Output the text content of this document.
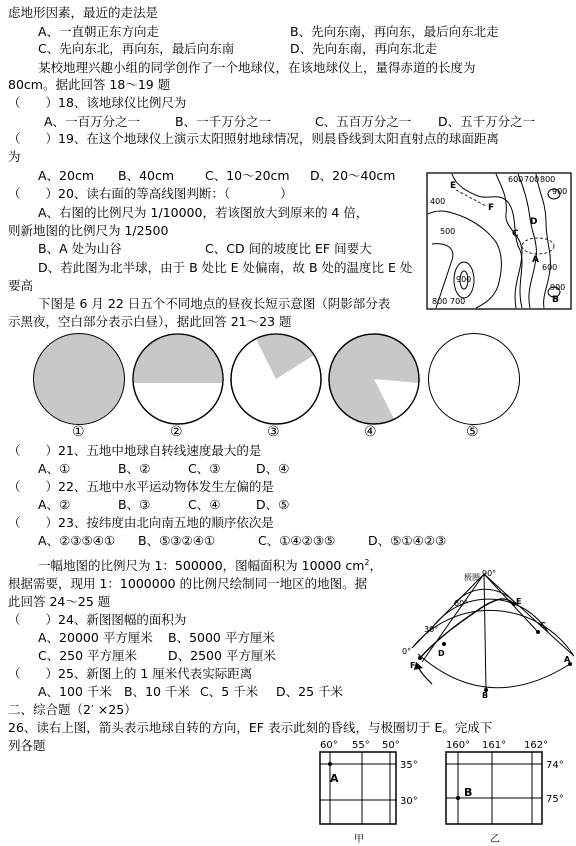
虑地形因素，最近的走法是
A、一直朝正东方向走	B、先向东南，再向东，最后向东北走
C、先向东北，再向东，最后向东南	D、先向东南，再向东北走
某校地理兴趣小组的同学创作了一个地球仪，在该地球仪上，量得赤道的长度为
80cm。据此回答 18～19 题
（　　）18、该地球仪比例尺为
A、一百万分之一	B、一千万分之一	C、五百万分之一 D、五千万分之一
（　　）19、在这个地球仪上演示太阳照射地球情况，则晨昏线到太阳直射点的球面距离
为
A、20cm B、40cm C、10～20cm D、20～40cm
（　　）20、读右面的等高线图判断：（　　　　）
A、右图的比例尺为 1/10000，若该图放大到原来的 4 倍，
则新地图的比例尺为 1/2500
B、A 处为山谷	C、CD 间的坡度比 EF 间要大
D、若此图为北半球，由于 B 处比 E 处偏南，故 B 处的温度比 E 处
要高
下图是 6 月 22 日五个不同地点的昼夜长短示意图（阴影部分表
示黑夜，空白部分表示白昼），据此回答 21～23 题
600 700 800
900
400
500
900
800 700
600
900
E
F
D
C
A
B
①	②	③	④	⑤
（　　）21、五地中地球自转线速度最大的是
A、①	B、②	C、③	D、④
（　　）22、五地中水平运动物体发生左偏的是
A、②	B、③	C、④	D、⑤
（　　）23、按纬度由北向南五地的顺序依次是
A、②③⑤④① B、⑤③②④①	C、①④②③⑤	D、⑤①④②③
一幅地图的比例尺为 1：500000，图幅面积为 10000 $cm^2$，
根据需要，现用 1：1000000 的比例尺绘制同一地区的地图。据
此回答 24～25 题
（　　）24、新图图幅的面积为
A、20000 平方厘米 B、5000 平方厘米
C、250 平方厘米 D、2500 平方厘米
（　　）25、新图上的 1 厘米代表实际距离
A、100 千米 B、10 千米 C、5 千米 D、25 千米
二、综合题（2′ ×25）
26、读右上图，箭头表示地球自转的方向，EF 表示此刻的昏线，与极圈切于 E。完成下
列各题
极圈 90°
60°
30°
0°
E
F
D
C
A
B
60° 55° 50°
35°
30°
A
甲
160° 161° 162°
74°
75°
B
乙
